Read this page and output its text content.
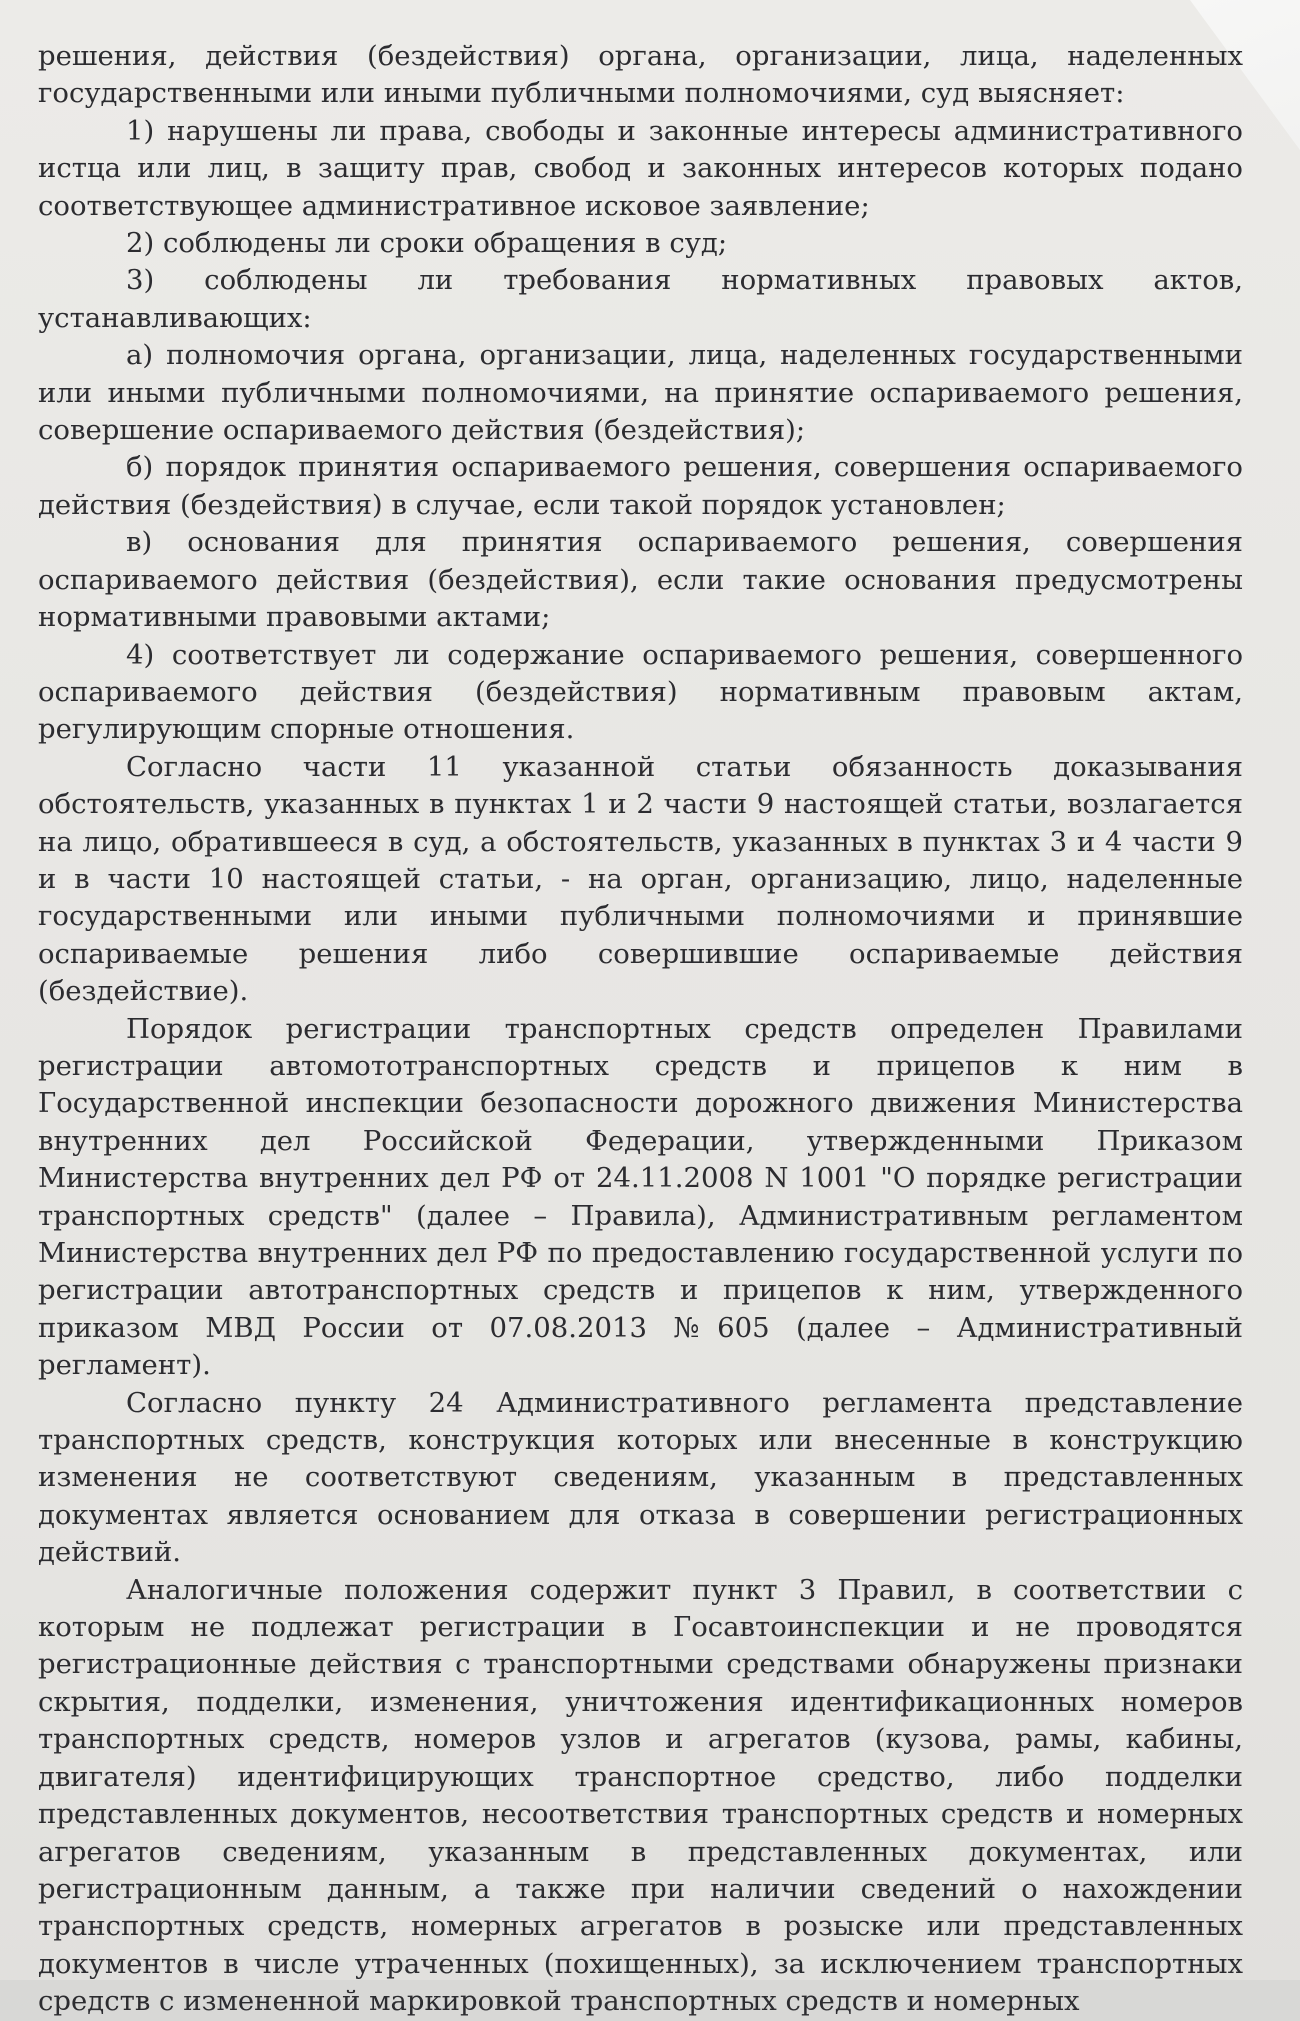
решения, действия (бездействия) органа, организации, лица, наделенных государственными или иными публичными полномочиями, суд выясняет:

1) нарушены ли права, свободы и законные интересы административного истца или лиц, в защиту прав, свобод и законных интересов которых подано соответствующее административное исковое заявление;

2) соблюдены ли сроки обращения в суд;

3) соблюдены ли требования нормативных правовых актов, устанавливающих:

а) полномочия органа, организации, лица, наделенных государственными или иными публичными полномочиями, на принятие оспариваемого решения, совершение оспариваемого действия (бездействия);

б) порядок принятия оспариваемого решения, совершения оспариваемого действия (бездействия) в случае, если такой порядок установлен;

в) основания для принятия оспариваемого решения, совершения оспариваемого действия (бездействия), если такие основания предусмотрены нормативными правовыми актами;

4) соответствует ли содержание оспариваемого решения, совершенного оспариваемого действия (бездействия) нормативным правовым актам, регулирующим спорные отношения.

Согласно части 11 указанной статьи обязанность доказывания обстоятельств, указанных в пунктах 1 и 2 части 9 настоящей статьи, возлагается на лицо, обратившееся в суд, а обстоятельств, указанных в пунктах 3 и 4 части 9 и в части 10 настоящей статьи, - на орган, организацию, лицо, наделенные государственными или иными публичными полномочиями и принявшие оспариваемые решения либо совершившие оспариваемые действия (бездействие).

Порядок регистрации транспортных средств определен Правилами регистрации автомототранспортных средств и прицепов к ним в Государственной инспекции безопасности дорожного движения Министерства внутренних дел Российской Федерации, утвержденными Приказом Министерства внутренних дел РФ от 24.11.2008 N 1001 "О порядке регистрации транспортных средств" (далее – Правила), Административным регламентом Министерства внутренних дел РФ по предоставлению государственной услуги по регистрации автотранспортных средств и прицепов к ним, утвержденного приказом МВД России от 07.08.2013 №605 (далее – Административный регламент).

Согласно пункту 24 Административного регламента представление транспортных средств, конструкция которых или внесенные в конструкцию изменения не соответствуют сведениям, указанным в представленных документах является основанием для отказа в совершении регистрационных действий.

Аналогичные положения содержит пункт 3 Правил, в соответствии с которым не подлежат регистрации в Госавтоинспекции и не проводятся регистрационные действия с транспортными средствами обнаружены признаки скрытия, подделки, изменения, уничтожения идентификационных номеров транспортных средств, номеров узлов и агрегатов (кузова, рамы, кабины, двигателя) идентифицирующих транспортное средство, либо подделки представленных документов, несоответствия транспортных средств и номерных агрегатов сведениям, указанным в представленных документах, или регистрационным данным, а также при наличии сведений о нахождении транспортных средств, номерных агрегатов в розыске или представленных документов в числе утраченных (похищенных), за исключением транспортных средств с измененной маркировкой транспортных средств и номерных
